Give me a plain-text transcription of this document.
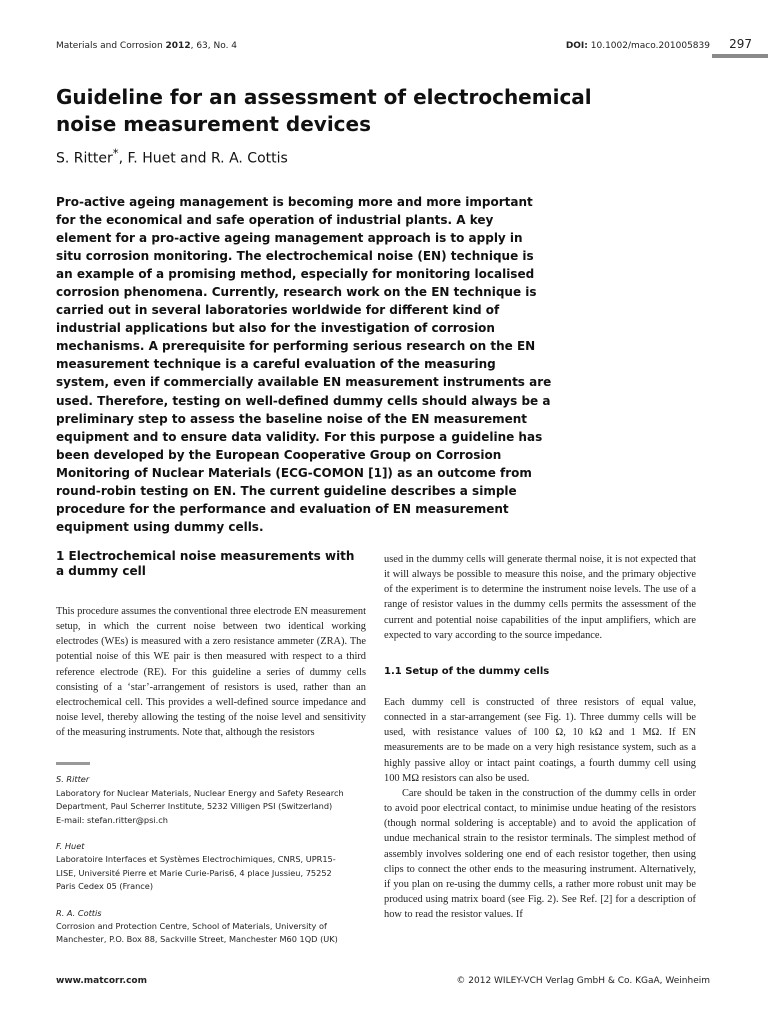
Materials and Corrosion 2012, 63, No. 4	DOI: 10.1002/maco.201005839 297
Guideline for an assessment of electrochemical
noise measurement devices
S. Ritter*, F. Huet and R. A. Cottis

Pro-active ageing management is becoming more and more important for the economical and safe operation of industrial plants. A key element for a pro-active ageing management approach is to apply in situ corrosion monitoring. The electrochemical noise (EN) technique is an example of a promising method, especially for monitoring localised corrosion phenomena. Currently, research work on the EN technique is carried out in several laboratories worldwide for different kind of industrial applications but also for the investigation of corrosion mechanisms. A prerequisite for performing serious research on the EN measurement technique is a careful evaluation of the measuring system, even if commercially available EN measurement instruments are used. Therefore, testing on well-defined dummy cells should always be a preliminary step to assess the baseline noise of the EN measurement equipment and to ensure data validity. For this purpose a guideline has been developed by the European Cooperative Group on Corrosion Monitoring of Nuclear Materials (ECG-COMON [1]) as an outcome from round-robin testing on EN. The current guideline describes a simple procedure for the performance and evaluation of EN measurement equipment using dummy cells.

1 Electrochemical noise measurements with a dummy cell

This procedure assumes the conventional three electrode EN measurement setup, in which the current noise between two identical working electrodes (WEs) is measured with a zero resistance ammeter (ZRA). The potential noise of this WE pair is then measured with respect to a third reference electrode (RE). For this guideline a series of dummy cells consisting of a ‘star’-arrangement of resistors is used, rather than an electrochemical cell. This provides a well-defined source impedance and noise level, thereby allowing the testing of the noise level and sensitivity of the measuring instruments. Note that, although the resistors

S. Ritter

Laboratory for Nuclear Materials, Nuclear Energy and Safety Research

Department, Paul Scherrer Institute, 5232 Villigen PSI (Switzerland)

E-mail: stefan.ritter@psi.ch

F. Huet

Laboratoire Interfaces et Systèmes Electrochimiques, CNRS, UPR15-

LISE, Université Pierre et Marie Curie-Paris6, 4 place Jussieu, 75252

Paris Cedex 05 (France)

R. A. Cottis

Corrosion and Protection Centre, School of Materials, University of

Manchester, P.O. Box 88, Sackville Street, Manchester M60 1QD (UK)

used in the dummy cells will generate thermal noise, it is not expected that it will always be possible to measure this noise, and the primary objective of the experiment is to determine the instrument noise levels. The use of a range of resistor values in the dummy cells permits the assessment of the current and potential noise capabilities of the input amplifiers, which are expected to vary according to the source impedance.

1.1 Setup of the dummy cells

Each dummy cell is constructed of three resistors of equal value, connected in a star-arrangement (see Fig. 1). Three dummy cells will be used, with resistance values of 100 Ω, 10 kΩ and 1 MΩ. If EN measurements are to be made on a very high resistance system, such as a highly passive alloy or intact paint coatings, a fourth dummy cell using 100 MΩ resistors can also be used.

Care should be taken in the construction of the dummy cells in order to avoid poor electrical contact, to minimise undue heating of the resistors (though normal soldering is acceptable) and to avoid the application of undue mechanical strain to the resistor terminals. The simplest method of assembly involves soldering one end of each resistor together, then using clips to connect the other ends to the measuring instrument. Alternatively, if you plan on re-using the dummy cells, a rather more robust unit may be produced using matrix board (see Fig. 2). See Ref. [2] for a description of how to read the resistor values. If

www.matcorr.com	© 2012 WILEY-VCH Verlag GmbH & Co. KGaA, Weinheim
